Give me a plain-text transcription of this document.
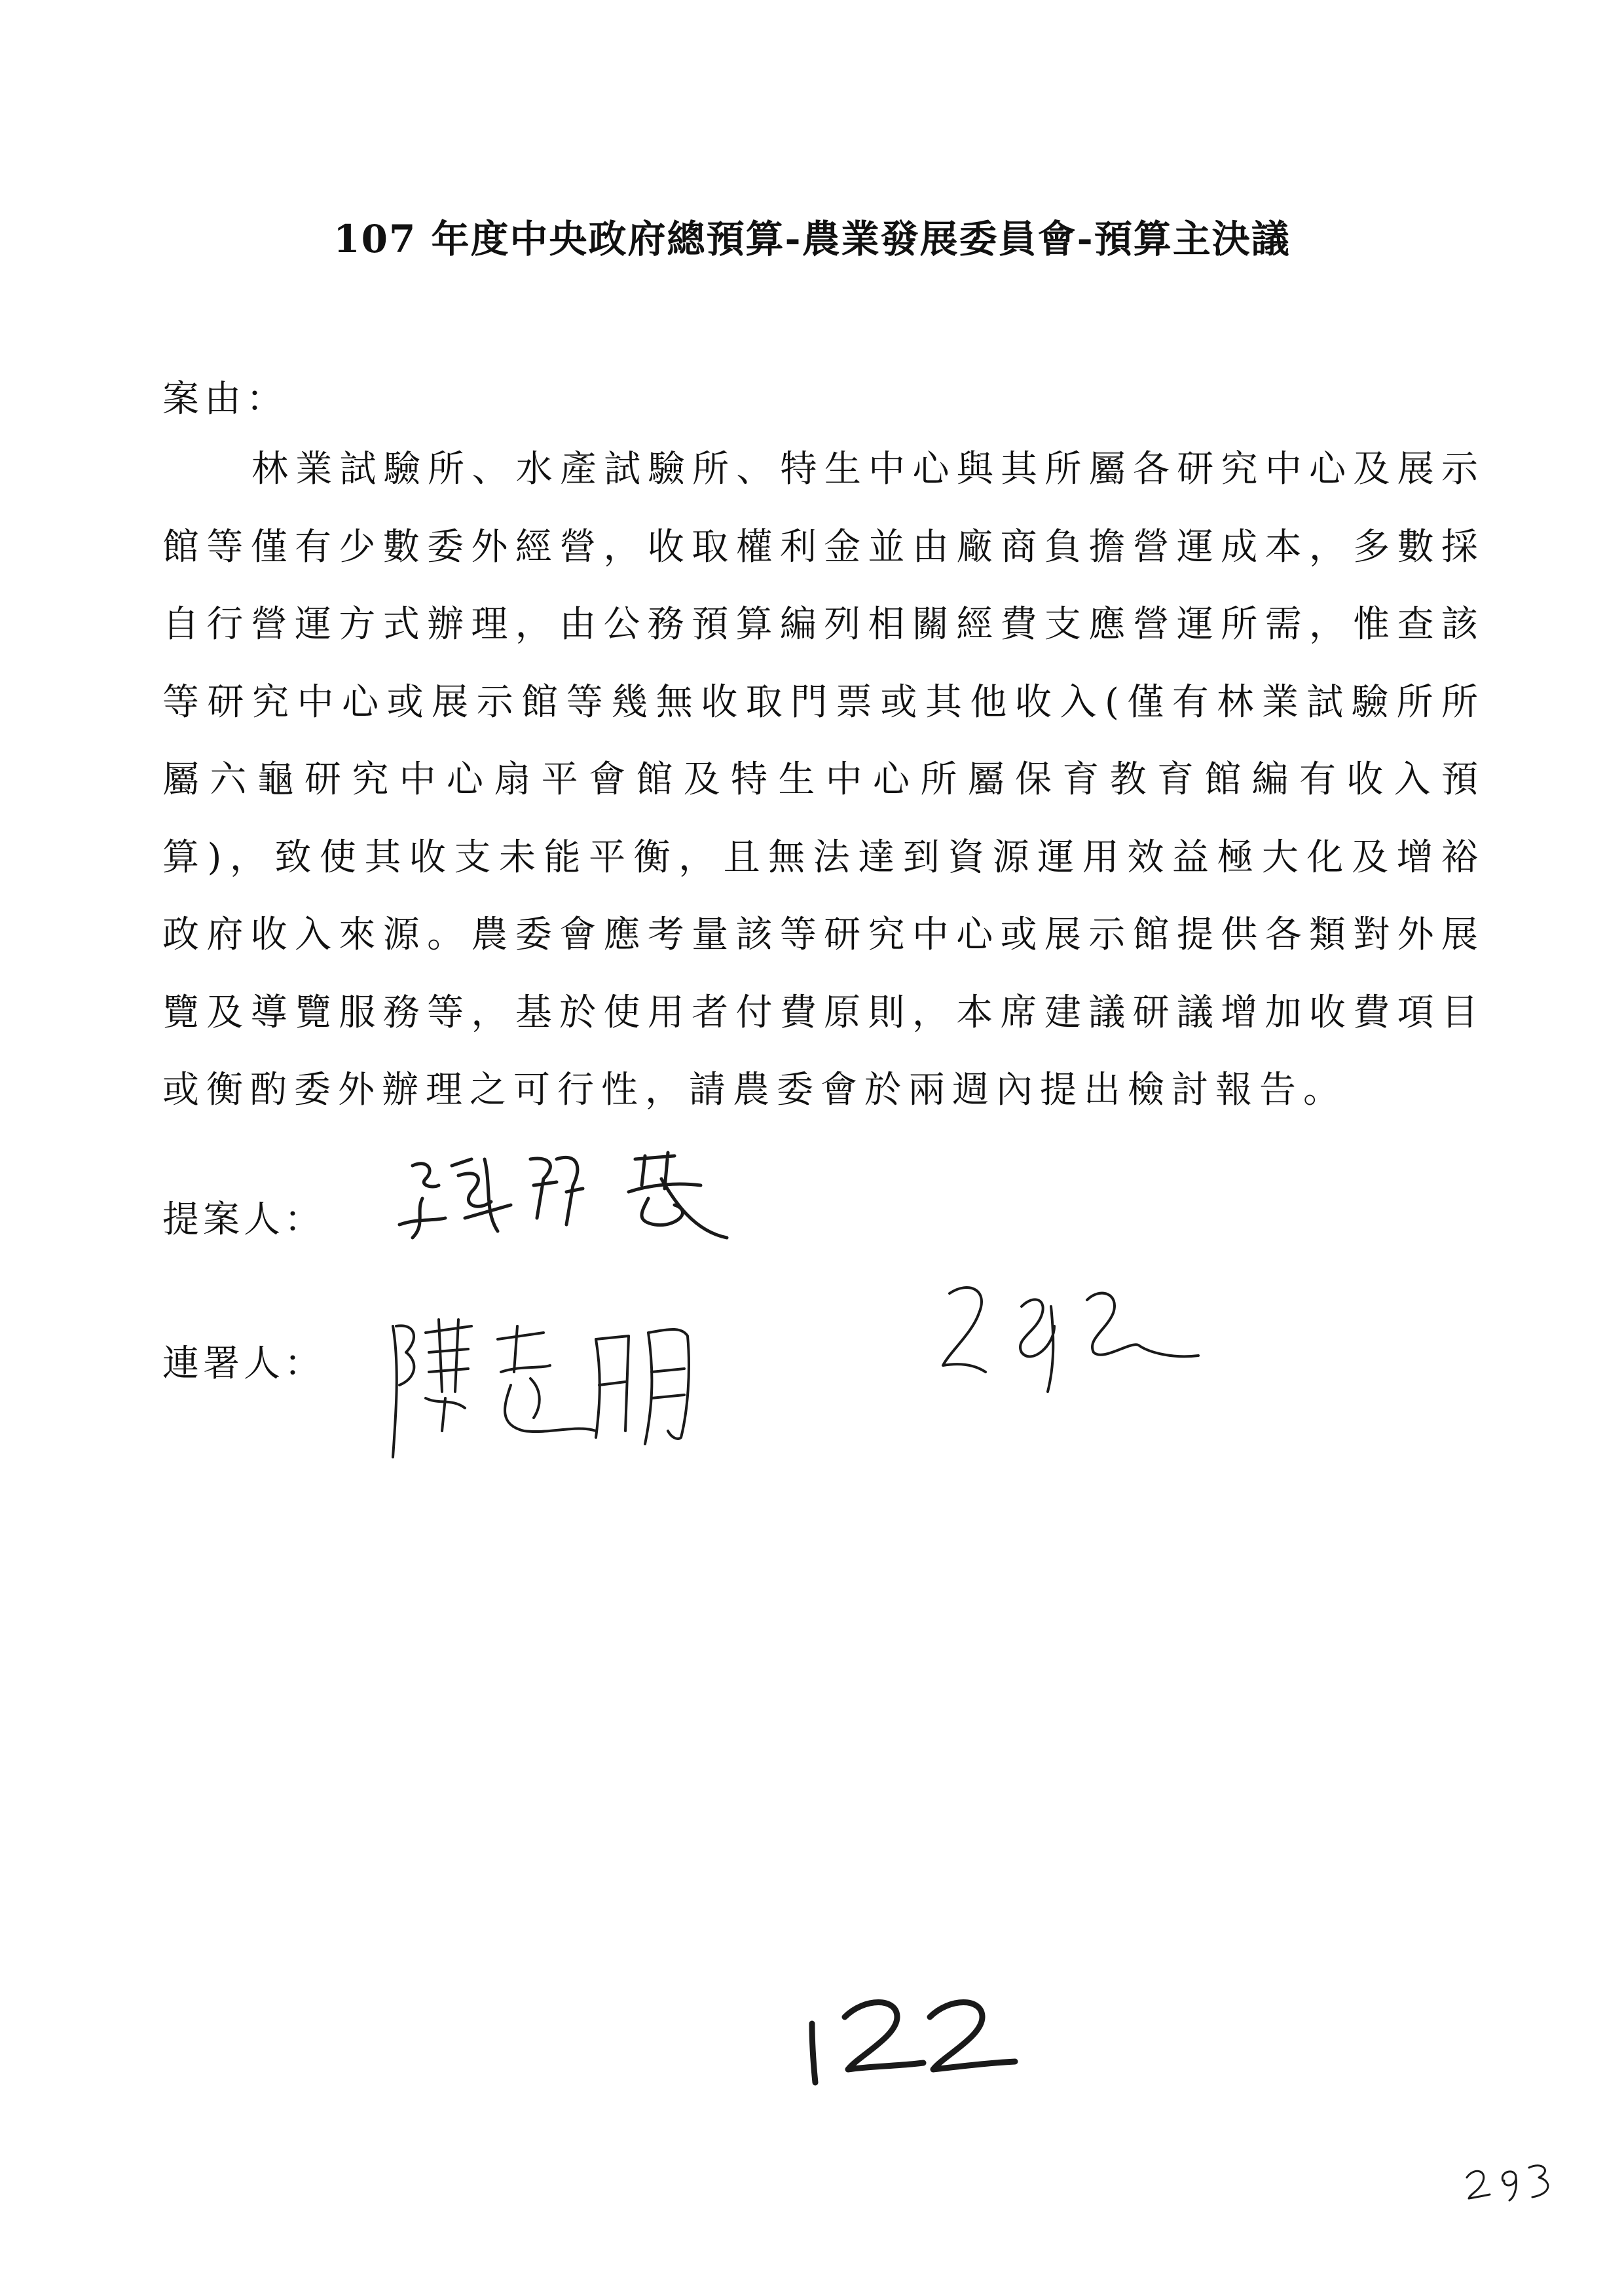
107 年度中央政府總預算-農業發展委員會-預算主決議
案由：
林業試驗所、水產試驗所、特生中心與其所屬各研究中心及展示館等僅有少數委外經營，收取權利金並由廠商負擔營運成本，多數採自行營運方式辦理，由公務預算編列相關經費支應營運所需，惟查該等研究中心或展示館等幾無收取門票或其他收入(僅有林業試驗所所屬六龜研究中心扇平會館及特生中心所屬保育教育館編有收入預算)，致使其收支未能平衡，且無法達到資源運用效益極大化及增裕政府收入來源。農委會應考量該等研究中心或展示館提供各類對外展覽及導覽服務等，基於使用者付費原則，本席建議研議增加收費項目或衡酌委外辦理之可行性，請農委會於兩週內提出檢討報告。
提案人：
連署人：
